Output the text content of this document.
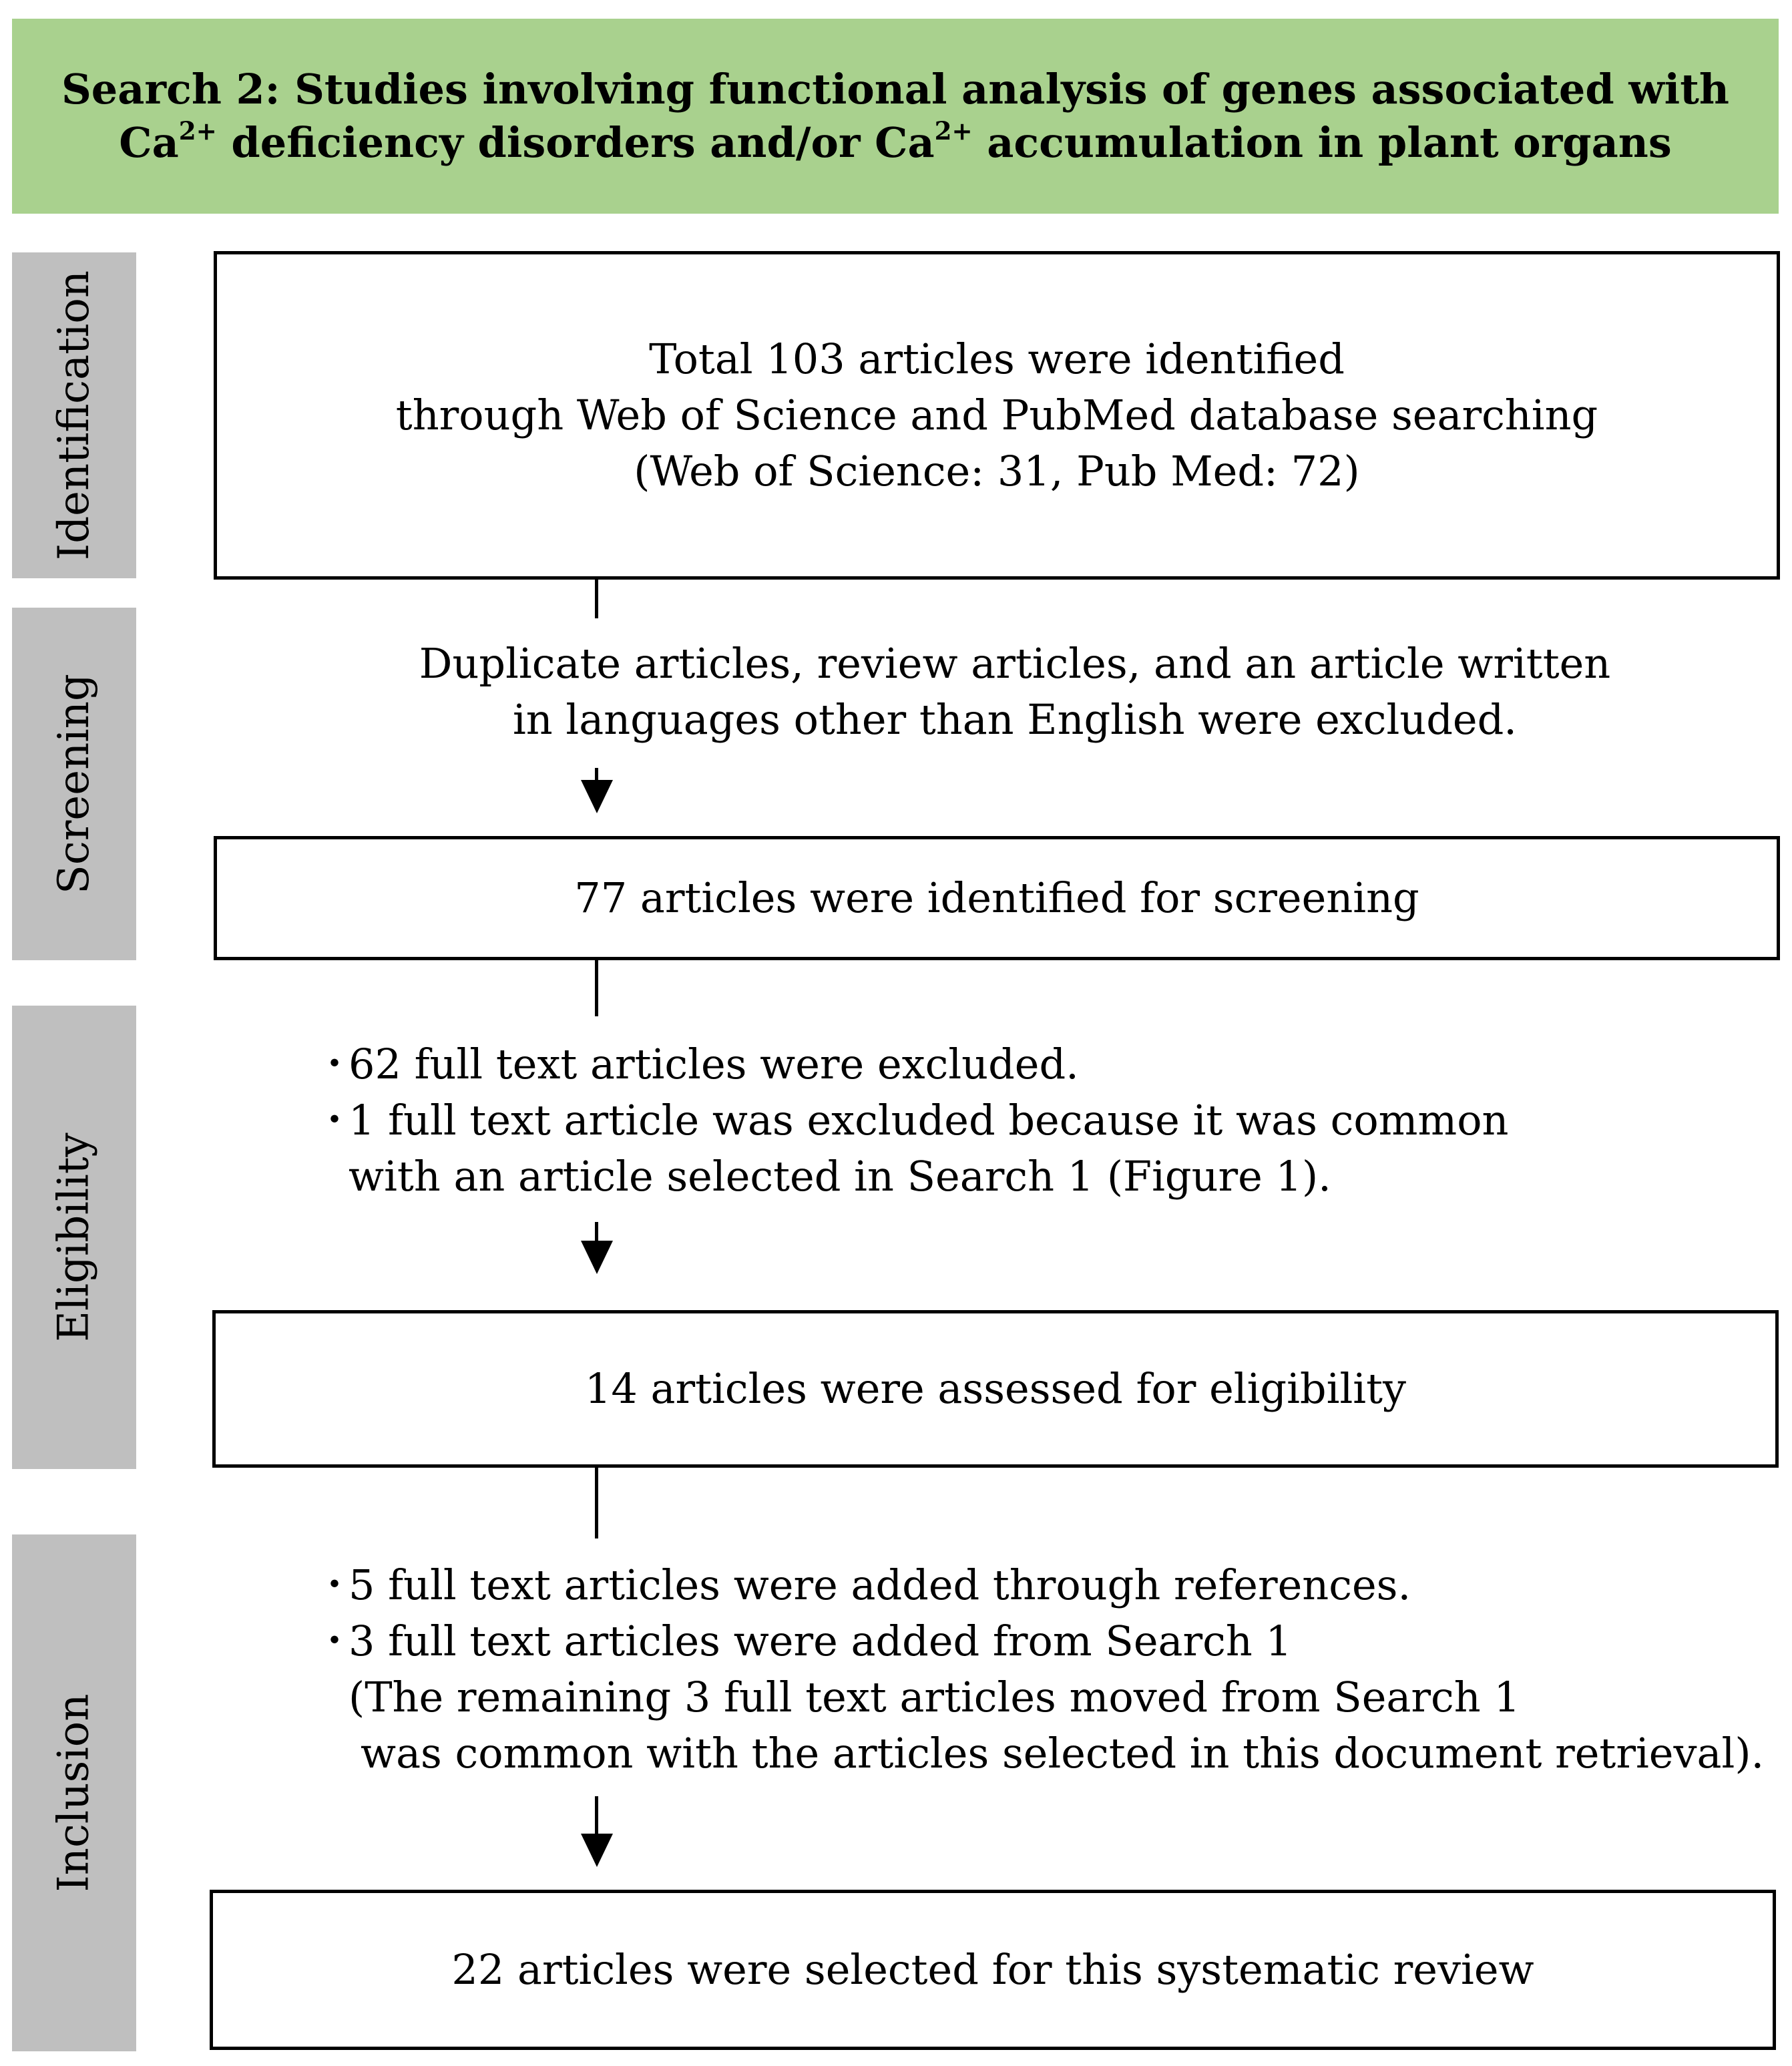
Search 2: Studies involving functional analysis of genes associated with
$Ca^{2+}$ deficiency disorders and/or $Ca^{2+}$ accumulation in plant organs
Identification
Screening
Eligibility
Inclusion
Total 103 articles were identified
through Web of Science and PubMed database searching
(Web of Science: 31, Pub Med: 72)
Duplicate articles, review articles, and an article written
in languages other than English were excluded.
77 articles were identified for screening
・
62 full text articles were excluded.
・
1 full text article was excluded because it was common
with an article selected in Search 1 (Figure 1).
14 articles were assessed for eligibility
・
5 full text articles were added through references.
・
3 full text articles were added from Search 1
(The remaining 3 full text articles moved from Search 1
was common with the articles selected in this document retrieval).
22 articles were selected for this systematic review
